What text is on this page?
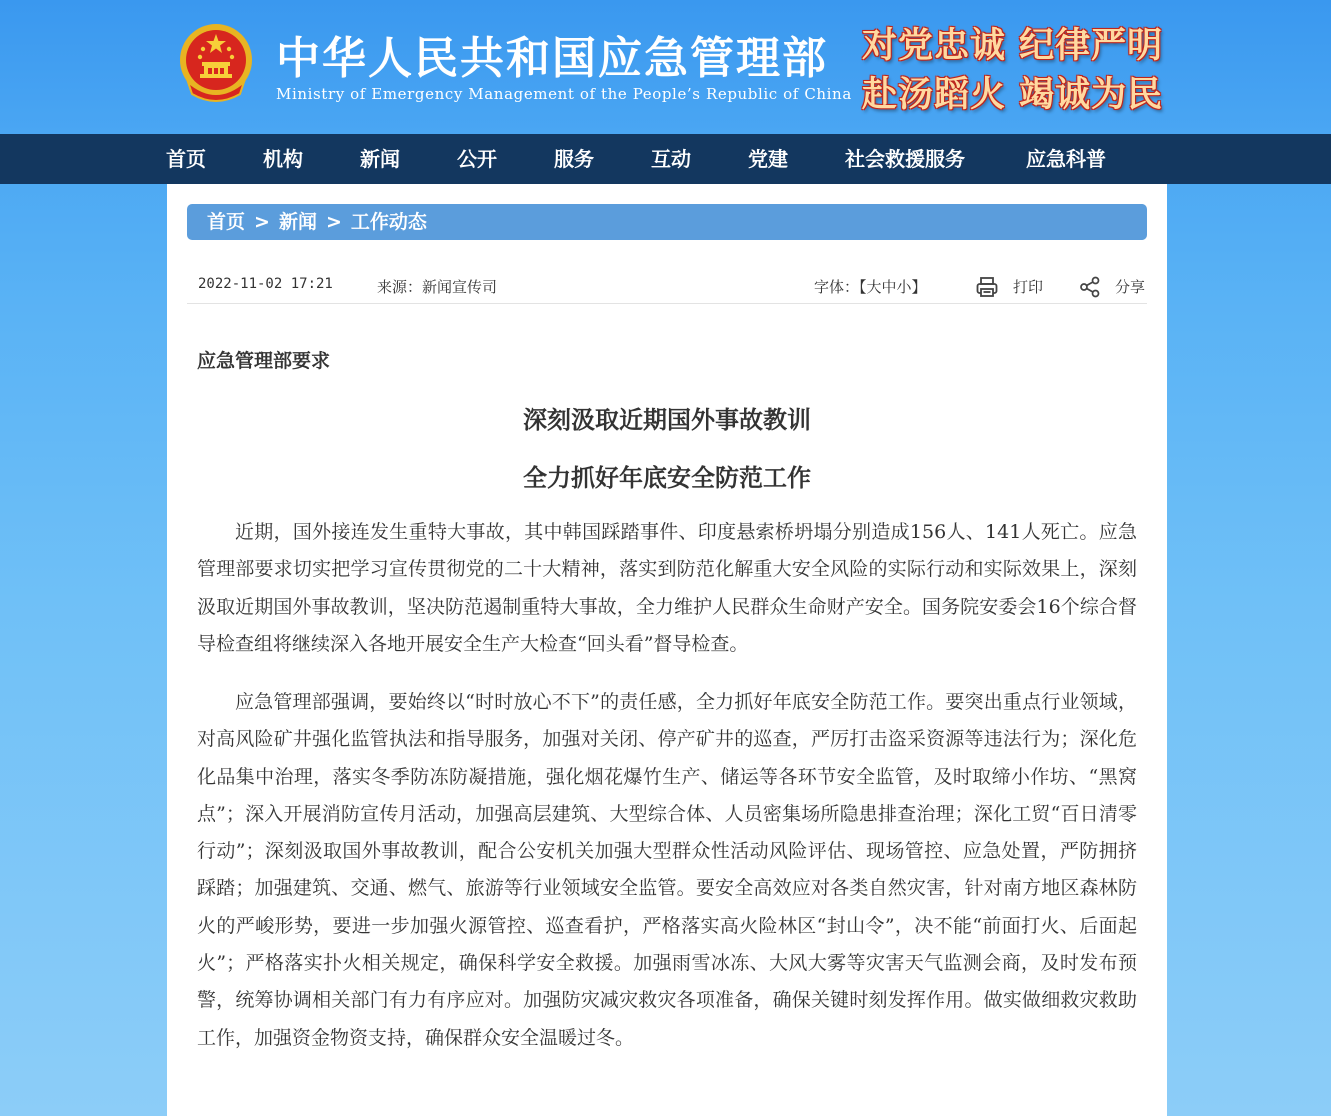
中华人民共和国应急管理部
Ministry of Emergency Management of the People’s Republic of China
对党忠诚 纪律严明
赴汤蹈火 竭诚为民
首页	机构	新闻	公开	服务	互动	党建	社会救援服务	应急科普
首页 > 新闻 > 工作动态
2022-11-02 17:21	来源：新闻宣传司	字体：【大中小】	打印	分享
应急管理部要求
深刻汲取近期国外事故教训
全力抓好年底安全防范工作

近期，国外接连发生重特大事故，其中韩国踩踏事件、印度悬索桥坍塌分别造成156人、141人死亡。应急管理部要求切实把学习宣传贯彻党的二十大精神，落实到防范化解重大安全风险的实际行动和实际效果上，深刻汲取近期国外事故教训，坚决防范遏制重特大事故，全力维护人民群众生命财产安全。国务院安委会16个综合督导检查组将继续深入各地开展安全生产大检查“回头看”督导检查。

应急管理部强调，要始终以“时时放心不下”的责任感，全力抓好年底安全防范工作。要突出重点行业领域，对高风险矿井强化监管执法和指导服务，加强对关闭、停产矿井的巡查，严厉打击盗采资源等违法行为；深化危化品集中治理，落实冬季防冻防凝措施，强化烟花爆竹生产、储运等各环节安全监管，及时取缔小作坊、“黑窝点”；深入开展消防宣传月活动，加强高层建筑、大型综合体、人员密集场所隐患排查治理；深化工贸“百日清零行动”；深刻汲取国外事故教训，配合公安机关加强大型群众性活动风险评估、现场管控、应急处置，严防拥挤踩踏；加强建筑、交通、燃气、旅游等行业领域安全监管。要安全高效应对各类自然灾害，针对南方地区森林防火的严峻形势，要进一步加强火源管控、巡查看护，严格落实高火险林区“封山令”，决不能“前面打火、后面起火”；严格落实扑火相关规定，确保科学安全救援。加强雨雪冰冻、大风大雾等灾害天气监测会商，及时发布预警，统筹协调相关部门有力有序应对。加强防灾减灾救灾各项准备，确保关键时刻发挥作用。做实做细救灾救助工作，加强资金物资支持，确保群众安全温暖过冬。
